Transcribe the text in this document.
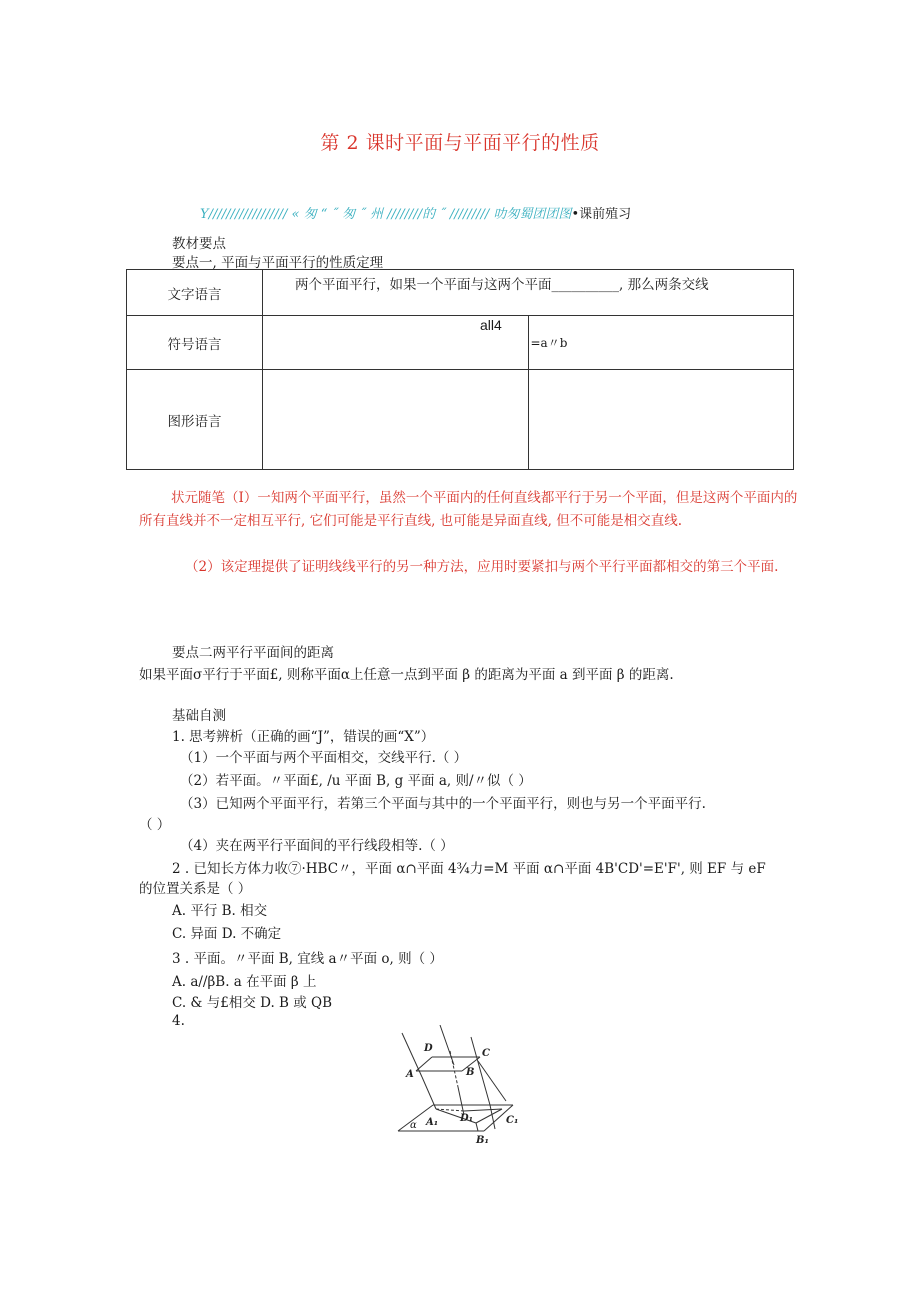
第 2 课时平面与平面平行的性质
Y////////////////// « 匆 “ ˝ 匆 ˝ 州 ////////的 ˝ ///////// 叻匆蜀团团图•课前殖习
教材要点
要点一, 平面与平面平行的性质定理
文字语言	两个平面平行，如果一个平面与这两个平面__________, 那么两条交线	

符号语言	all4	=a〃b

图形语言		
状元随笔（I）一知两个平面平行，虽然一个平面内的任何直线都平行于另一个平面，但是这两个平面内的所有直线并不一定相互平行, 它们可能是平行直线, 也可能是异面直线, 但不可能是相交直线.
（2）该定理提供了证明线线平行的另一种方法，应用时要紧扣与两个平行平面都相交的第三个平面.
要点二两平行平面间的距离
如果平面σ平行于平面£, 则称平面α上任意一点到平面 β 的距离为平面 a 到平面 β 的距离.
基础自测
1. 思考辨析（正确的画“J”，错误的画“X”）
（1）一个平面与两个平面相交，交线平行.（ ）
（2）若平面。〃平面£, /u 平面 B, g 平面 a, 则/〃似（ ）
（3）已知两个平面平行，若第三个平面与其中的一个平面平行，则也与另一个平面平行.
（ ）
（4）夹在两平行平面间的平行线段相等.（ ）
2 . 已知长方体力收⑦·HBC〃，平面 α∩平面 4¾力=M 平面 α∩平面 4B'CD'=E'F', 则 EF 与 eF
的位置关系是（ ）
A. 平行 B. 相交
C. 异面 D. 不确定
3 . 平面。〃平面 B, 宜线 a〃平面 o, 则（ ）
A. a//βB. a 在平面 β 上
C. & 与£相交 D. B 或 QB
4.
D	C
A	B
α A₁ D₁	C₁
B₁
